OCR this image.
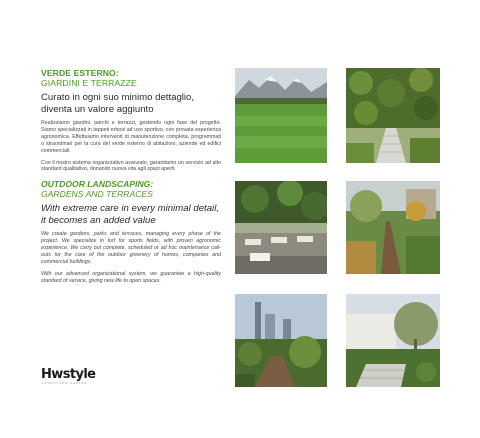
VERDE ESTERNO:
GIARDINI E TERRAZZE
Curato in ogni suo minimo dettaglio, diventa un valore aggiunto
Realizziamo giardini, parchi e terrazzi, gestendo ogni fase del progetto. Siamo specializzati in tappeti erbosi ad uso sportivo, con provata esperienza agronomica. Effettuiamo interventi di manutenzione completa, programmati o straordinari per la cura del verde esterno di abitazioni, aziende ed edifici commerciali.
Con il nostro sistema organizzativo avanzato, garantiamo un servizio ad alto standard qualitativo, donando nuova vita agli spazi aperti.
OUTDOOR LANDSCAPING:
GARDENS AND TERRACES
With extreme care in every minimal detail, it becomes an added value
We create gardens, parks and terraces, managing every phase of the project. We specialize in turf for sports fields, with proven agronomic experience. We carry out complete, scheduled or ad hoc maintenance call-outs for the care of the outdoor greenery of homes, companies and commercial buildings.
With our advanced organizational system, we guarantee a high-quality standard of service, giving new life to open spaces.
Hwstyle
LANDSCAPE DESIGN
